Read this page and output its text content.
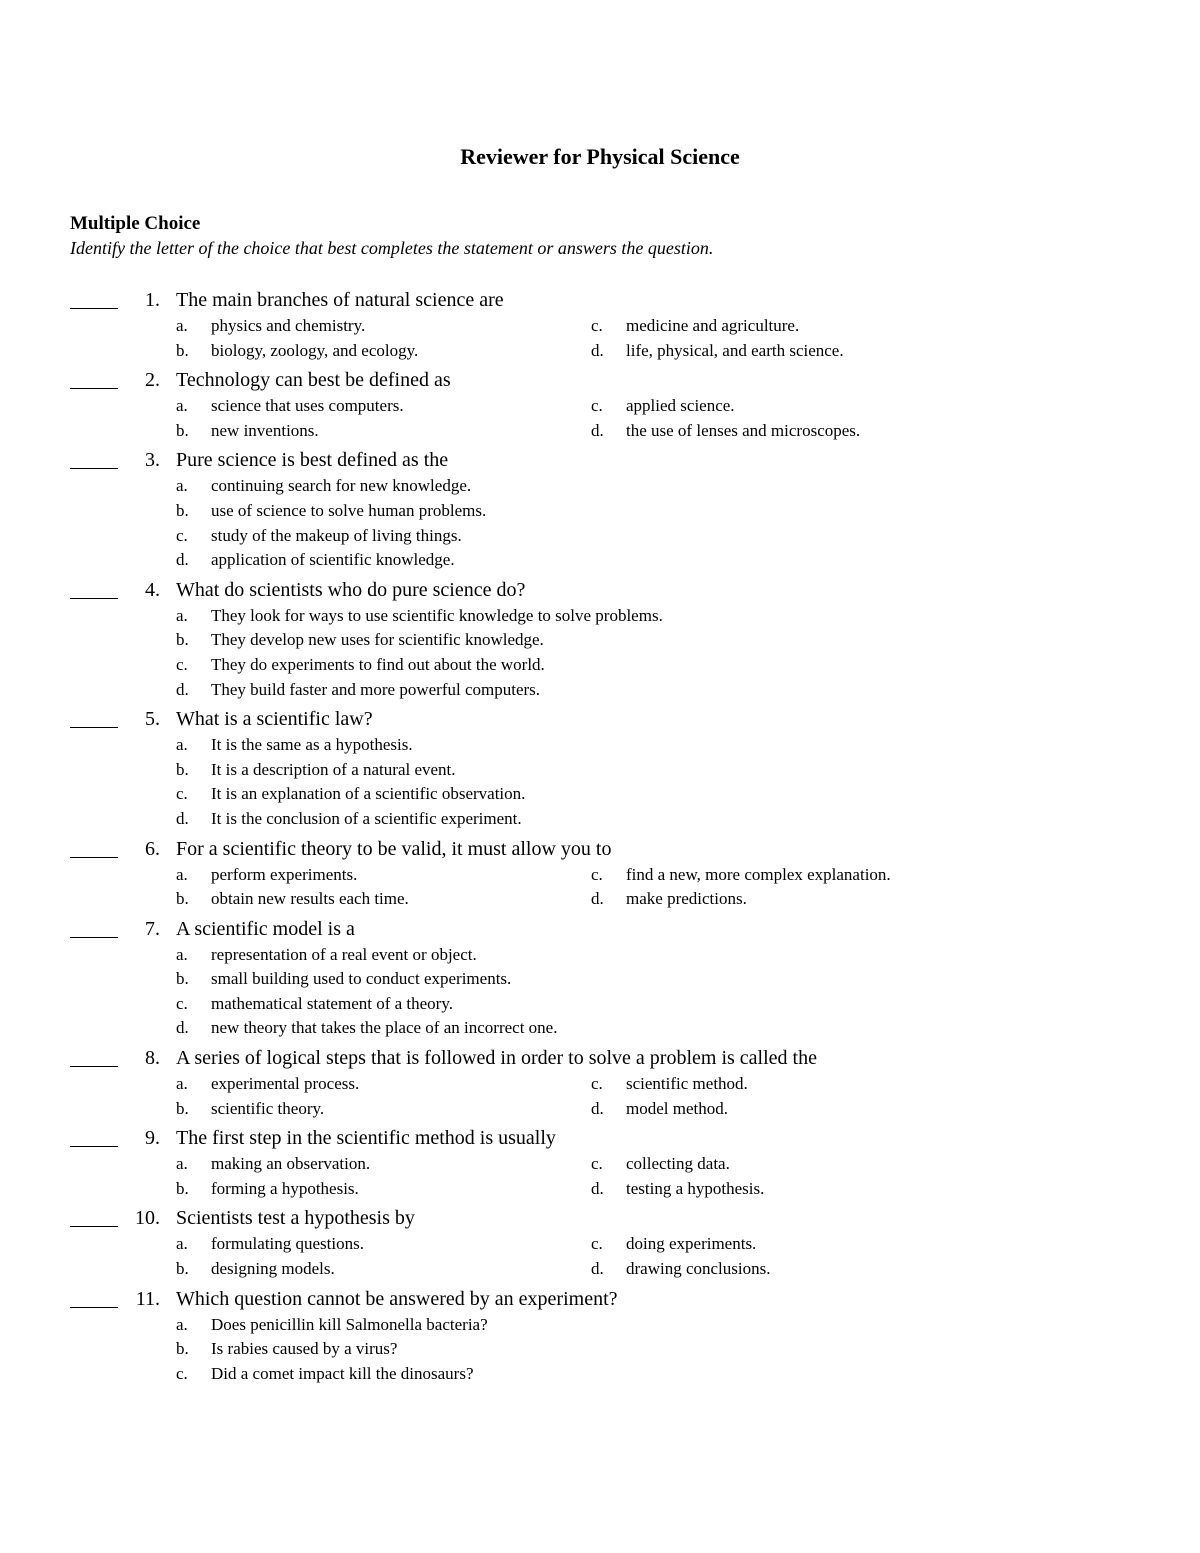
Reviewer for Physical Science
Multiple Choice
Identify the letter of the choice that best completes the statement or answers the question.
1. The main branches of natural science are
a. physics and chemistry.	c. medicine and agriculture.
b. biology, zoology, and ecology.	d. life, physical, and earth science.
2. Technology can best be defined as
a. science that uses computers.	c. applied science.
b. new inventions.	d. the use of lenses and microscopes.
3. Pure science is best defined as the
a. continuing search for new knowledge.
b. use of science to solve human problems.
c. study of the makeup of living things.
d. application of scientific knowledge.
4. What do scientists who do pure science do?
a. They look for ways to use scientific knowledge to solve problems.
b. They develop new uses for scientific knowledge.
c. They do experiments to find out about the world.
d. They build faster and more powerful computers.
5. What is a scientific law?
a. It is the same as a hypothesis.
b. It is a description of a natural event.
c. It is an explanation of a scientific observation.
d. It is the conclusion of a scientific experiment.
6. For a scientific theory to be valid, it must allow you to
a. perform experiments.	c. find a new, more complex explanation.
b. obtain new results each time.	d. make predictions.
7. A scientific model is a
a. representation of a real event or object.
b. small building used to conduct experiments.
c. mathematical statement of a theory.
d. new theory that takes the place of an incorrect one.
8. A series of logical steps that is followed in order to solve a problem is called the
a. experimental process.	c. scientific method.
b. scientific theory.	d. model method.
9. The first step in the scientific method is usually
a. making an observation.	c. collecting data.
b. forming a hypothesis.	d. testing a hypothesis.
10. Scientists test a hypothesis by
a. formulating questions.	c. doing experiments.
b. designing models.	d. drawing conclusions.
11. Which question cannot be answered by an experiment?
a. Does penicillin kill Salmonella bacteria?
b. Is rabies caused by a virus?
c. Did a comet impact kill the dinosaurs?
